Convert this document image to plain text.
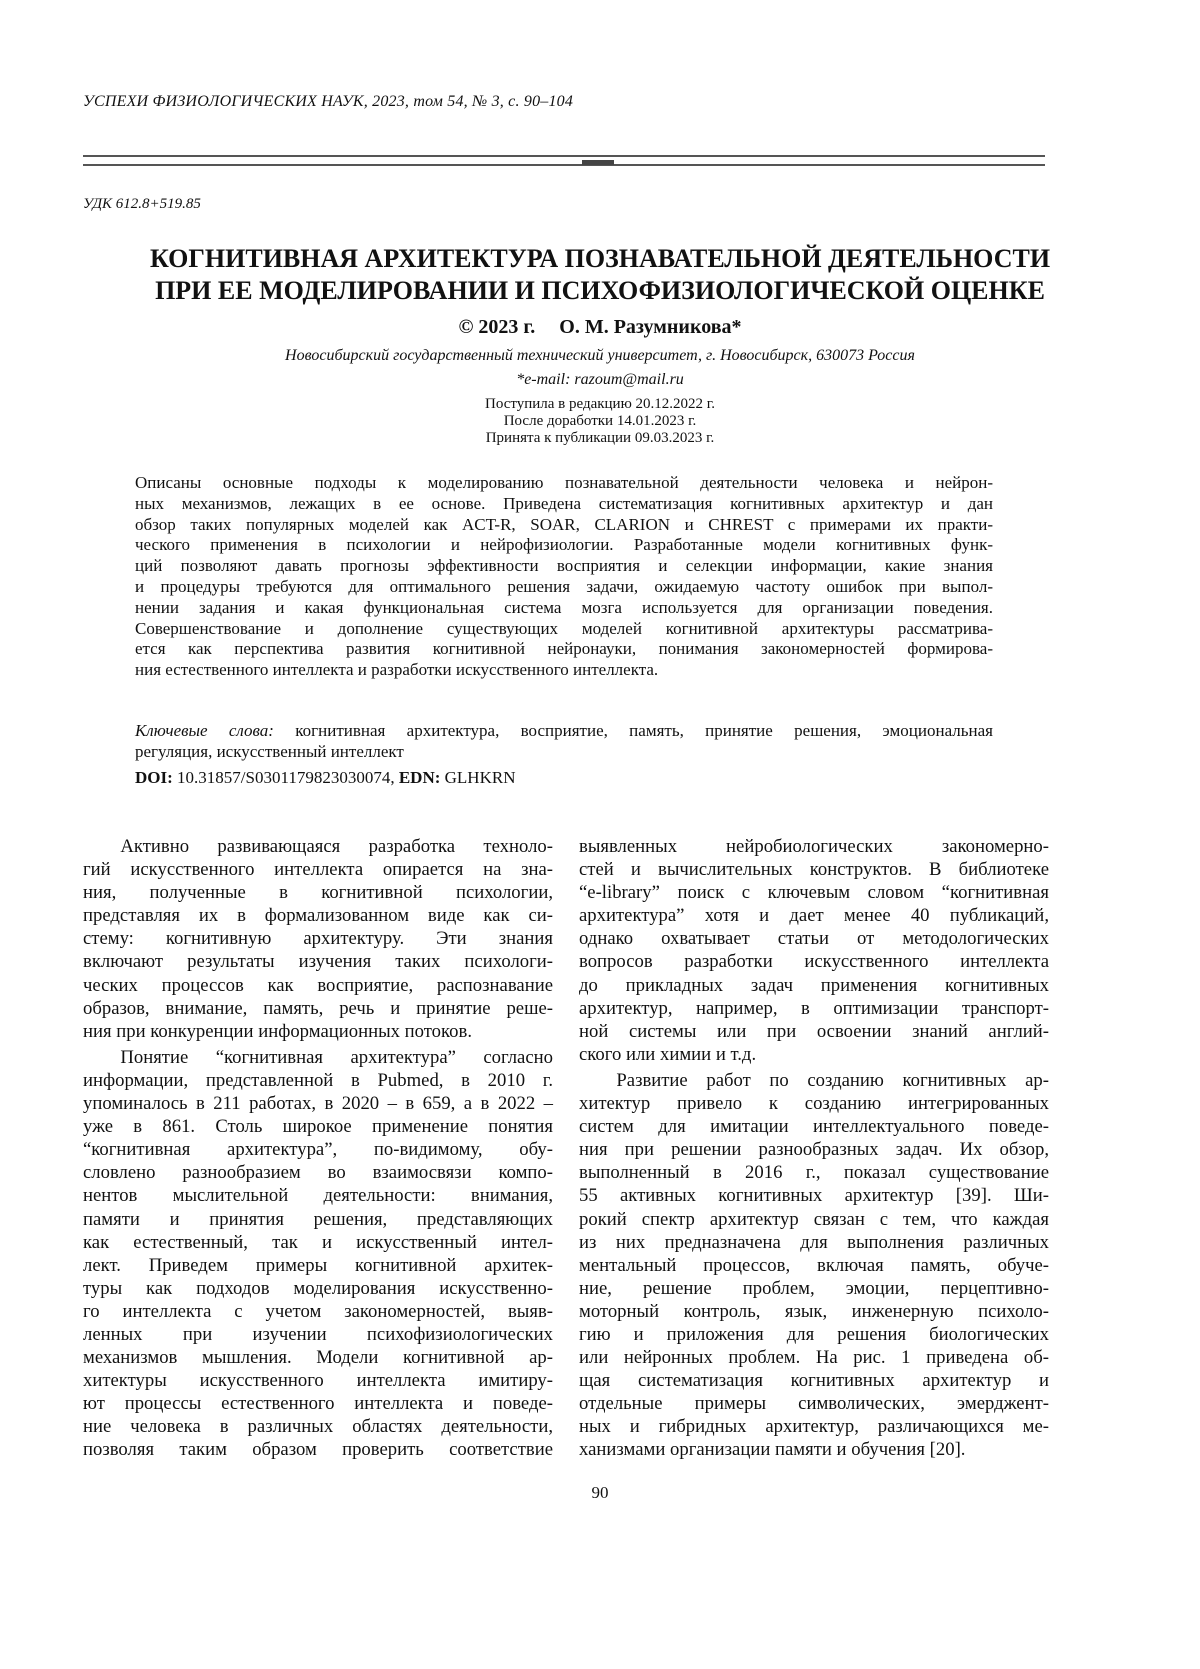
УСПЕХИ ФИЗИОЛОГИЧЕСКИХ НАУК, 2023, том 54, № 3, с. 90–104
УДК 612.8+519.85
КОГНИТИВНАЯ АРХИТЕКТУРА ПОЗНАВАТЕЛЬНОЙ ДЕЯТЕЛЬНОСТИ
ПРИ ЕЕ МОДЕЛИРОВАНИИ И ПСИХОФИЗИОЛОГИЧЕСКОЙ ОЦЕНКЕ
© 2023 г. О. М. Разумникова*
Новосибирский государственный технический университет, г. Новосибирск, 630073 Россия
*e-mail: razoum@mail.ru
Поступила в редакцию 20.12.2022 г.
После доработки 14.01.2023 г.
Принята к публикации 09.03.2023 г.
Описаны основные подходы к моделированию познавательной деятельности человека и нейрон-
ных механизмов, лежащих в ее основе. Приведена систематизация когнитивных архитектур и дан
обзор таких популярных моделей как ACT-R, SOAR, CLARION и CHREST с примерами их практи-
ческого применения в психологии и нейрофизиологии. Разработанные модели когнитивных функ-
ций позволяют давать прогнозы эффективности восприятия и селекции информации, какие знания
и процедуры требуются для оптимального решения задачи, ожидаемую частоту ошибок при выпол-
нении задания и какая функциональная система мозга используется для организации поведения.
Совершенствование и дополнение существующих моделей когнитивной архитектуры рассматрива-
ется как перспектива развития когнитивной нейронауки, понимания закономерностей формирова-
ния естественного интеллекта и разработки искусственного интеллекта.
Ключевые слова: когнитивная архитектура, восприятие, память, принятие решения, эмоциональная
регуляция, искусственный интеллект
DOI: 10.31857/S0301179823030074, EDN: GLHKRN
  Активно развивающаяся разработка техноло-
гий искусственного интеллекта опирается на зна-
ния, полученные в когнитивной психологии,
представляя их в формализованном виде как си-
стему: когнитивную архитектуру. Эти знания
включают результаты изучения таких психологи-
ческих процессов как восприятие, распознавание
образов, внимание, память, речь и принятие реше-
ния при конкуренции информационных потоков.
  Понятие “когнитивная архитектура” согласно
информации, представленной в Pubmed, в 2010 г.
упоминалось в 211 работах, в 2020 – в 659, а в 2022 –
уже в 861. Столь широкое применение понятия
“когнитивная архитектура”, по-видимому, обу-
словлено разнообразием во взаимосвязи компо-
нентов мыслительной деятельности: внимания,
памяти и принятия решения, представляющих
как естественный, так и искусственный интел-
лект. Приведем примеры когнитивной архитек-
туры как подходов моделирования искусственно-
го интеллекта с учетом закономерностей, выяв-
ленных при изучении психофизиологических
механизмов мышления. Модели когнитивной ар-
хитектуры искусственного интеллекта имитиру-
ют процессы естественного интеллекта и поведе-
ние человека в различных областях деятельности,
позволяя таким образом проверить соответствие
выявленных нейробиологических закономерно-
стей и вычислительных конструктов. В библиотеке
“e-library” поиск с ключевым словом “когнитивная
архитектура” хотя и дает менее 40 публикаций,
однако охватывает статьи от методологических
вопросов разработки искусственного интеллекта
до прикладных задач применения когнитивных
архитектур, например, в оптимизации транспорт-
ной системы или при освоении знаний англий-
ского или химии и т.д.
  Развитие работ по созданию когнитивных ар-
хитектур привело к созданию интегрированных
систем для имитации интеллектуального поведе-
ния при решении разнообразных задач. Их обзор,
выполненный в 2016 г., показал существование
55 активных когнитивных архитектур [39]. Ши-
рокий спектр архитектур связан с тем, что каждая
из них предназначена для выполнения различных
ментальный процессов, включая память, обуче-
ние, решение проблем, эмоции, перцептивно-
моторный контроль, язык, инженерную психоло-
гию и приложения для решения биологических
или нейронных проблем. На рис. 1 приведена об-
щая систематизация когнитивных архитектур и
отдельные примеры символических, эмерджент-
ных и гибридных архитектур, различающихся ме-
ханизмами организации памяти и обучения [20].
90
